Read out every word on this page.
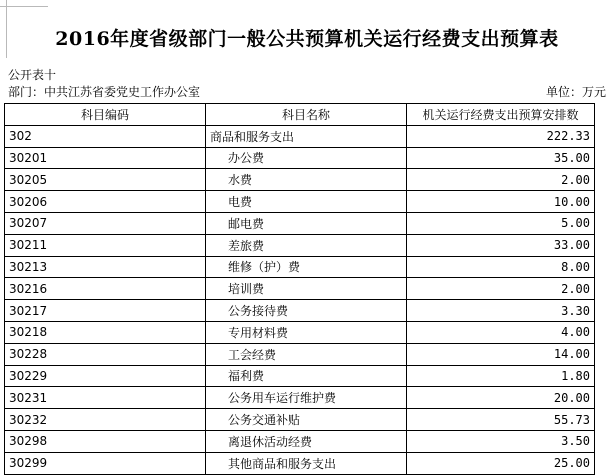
2016年度省级部门一般公共预算机关运行经费支出预算表
公开表十
部门：中共江苏省委党史工作办公室	单位：万元
科目编码	科目名称	机关运行经费支出预算安排数
302	商品和服务支出	222.33
30201	办公费	35.00
30205	水费	2.00
30206	电费	10.00
30207	邮电费	5.00
30211	差旅费	33.00
30213	维修（护）费	8.00
30216	培训费	2.00
30217	公务接待费	3.30
30218	专用材料费	4.00
30228	工会经费	14.00
30229	福利费	1.80
30231	公务用车运行维护费	20.00
30232	公务交通补贴	55.73
30298	离退休活动经费	3.50
30299	其他商品和服务支出	25.00
